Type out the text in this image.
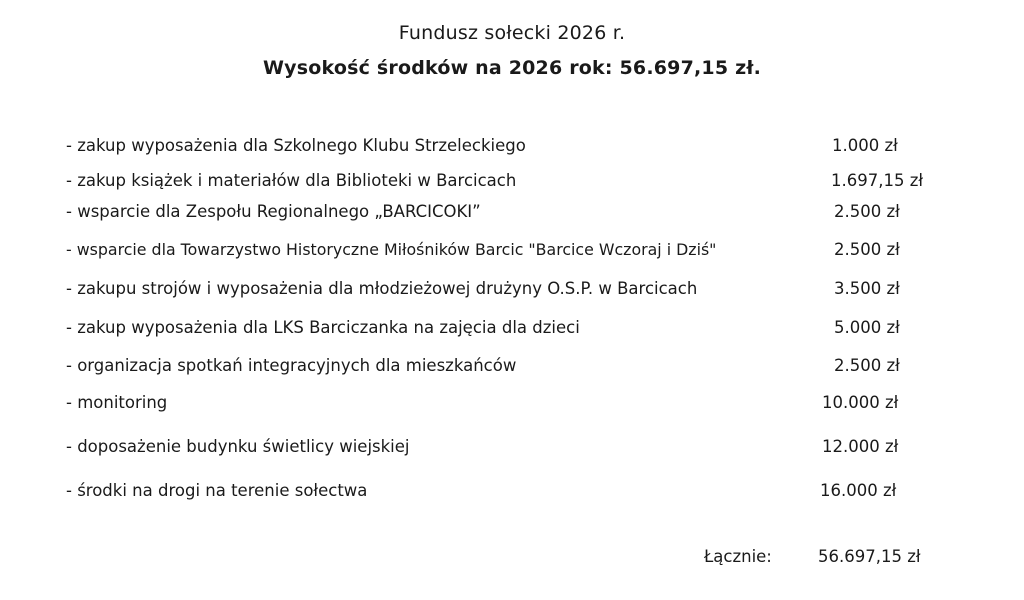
Fundusz sołecki 2026 r.
Wysokość środków na 2026 rok: 56.697,15 zł.
- zakup wyposażenia dla Szkolnego Klubu Strzeleckiego	1.000 zł
- zakup książek i materiałów dla Biblioteki w Barcicach	1.697,15 zł
- wsparcie dla Zespołu Regionalnego „BARCICOKI”	2.500 zł
- wsparcie dla Towarzystwo Historyczne Miłośników Barcic "Barcice Wczoraj i Dziś"	2.500 zł
- zakupu strojów i wyposażenia dla młodzieżowej drużyny O.S.P. w Barcicach	3.500 zł
- zakup wyposażenia dla LKS Barciczanka na zajęcia dla dzieci	5.000 zł
- organizacja spotkań integracyjnych dla mieszkańców	2.500 zł
- monitoring	10.000 zł
- doposażenie budynku świetlicy wiejskiej	12.000 zł
- środki na drogi na terenie sołectwa	16.000 zł
Łącznie:	56.697,15 zł
